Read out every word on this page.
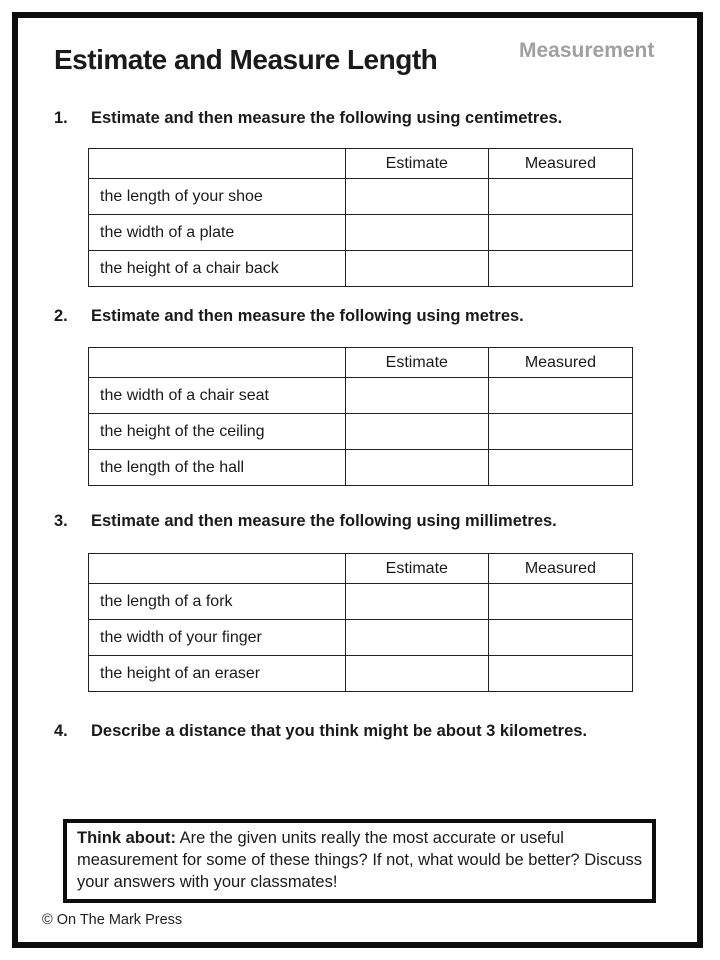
Estimate and Measure Length	Measurement
1.	Estimate and then measure the following using centimetres.
	Estimate	Measured
the length of your shoe		
the width of a plate		
the height of a chair back		
2.	Estimate and then measure the following using metres.
	Estimate	Measured
the width of a chair seat		
the height of the ceiling		
the length of the hall		
3.	Estimate and then measure the following using millimetres.
	Estimate	Measured
the length of a fork		
the width of your finger		
the height of an eraser		
4.	Describe a distance that you think might be about 3 kilometres.
Think about: Are the given units really the most accurate or useful measurement for some of these things? If not, what would be better? Discuss your answers with your classmates!
© On The Mark Press
